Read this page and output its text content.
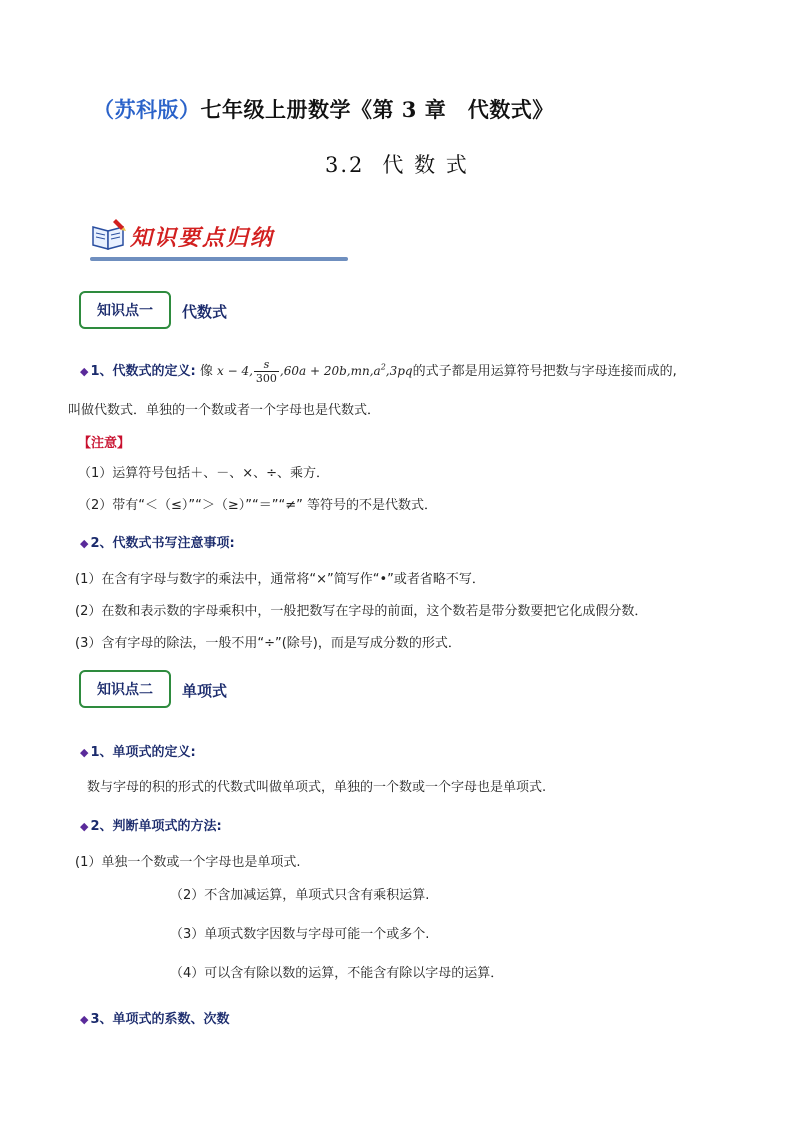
（苏科版）七年级上册数学《第 3 章　代数式》
3.2 代 数 式
知识要点归纳
知识点一	代数式
◆ 1、代数式的定义: 像 x − 4, $\frac{s}{300} ,60a + 20b,mn,a^2,3pq$的式子都是用运算符号把数与字母连接而成的,
叫做代数式．单独的一个数或者一个字母也是代数式．
【注意】
（1）运算符号包括＋、－、×、÷、乘方．
（2）带有“＜（≤）”“＞（≥）”“＝”“≠” 等符号的不是代数式．
◆ 2、代数式书写注意事项:
(1）在含有字母与数字的乘法中，通常将“×”简写作“•”或者省略不写．
(2）在数和表示数的字母乘积中，一般把数写在字母的前面，这个数若是带分数要把它化成假分数．
(3）含有字母的除法，一般不用“÷”(除号)，而是写成分数的形式．
知识点二	单项式
◆ 1、单项式的定义:
数与字母的积的形式的代数式叫做单项式，单独的一个数或一个字母也是单项式.
◆ 2、判断单项式的方法:
(1）单独一个数或一个字母也是单项式.
（2）不含加减运算，单项式只含有乘积运算.
（3）单项式数字因数与字母可能一个或多个.
（4）可以含有除以数的运算，不能含有除以字母的运算．
◆ 3、单项式的系数、次数
